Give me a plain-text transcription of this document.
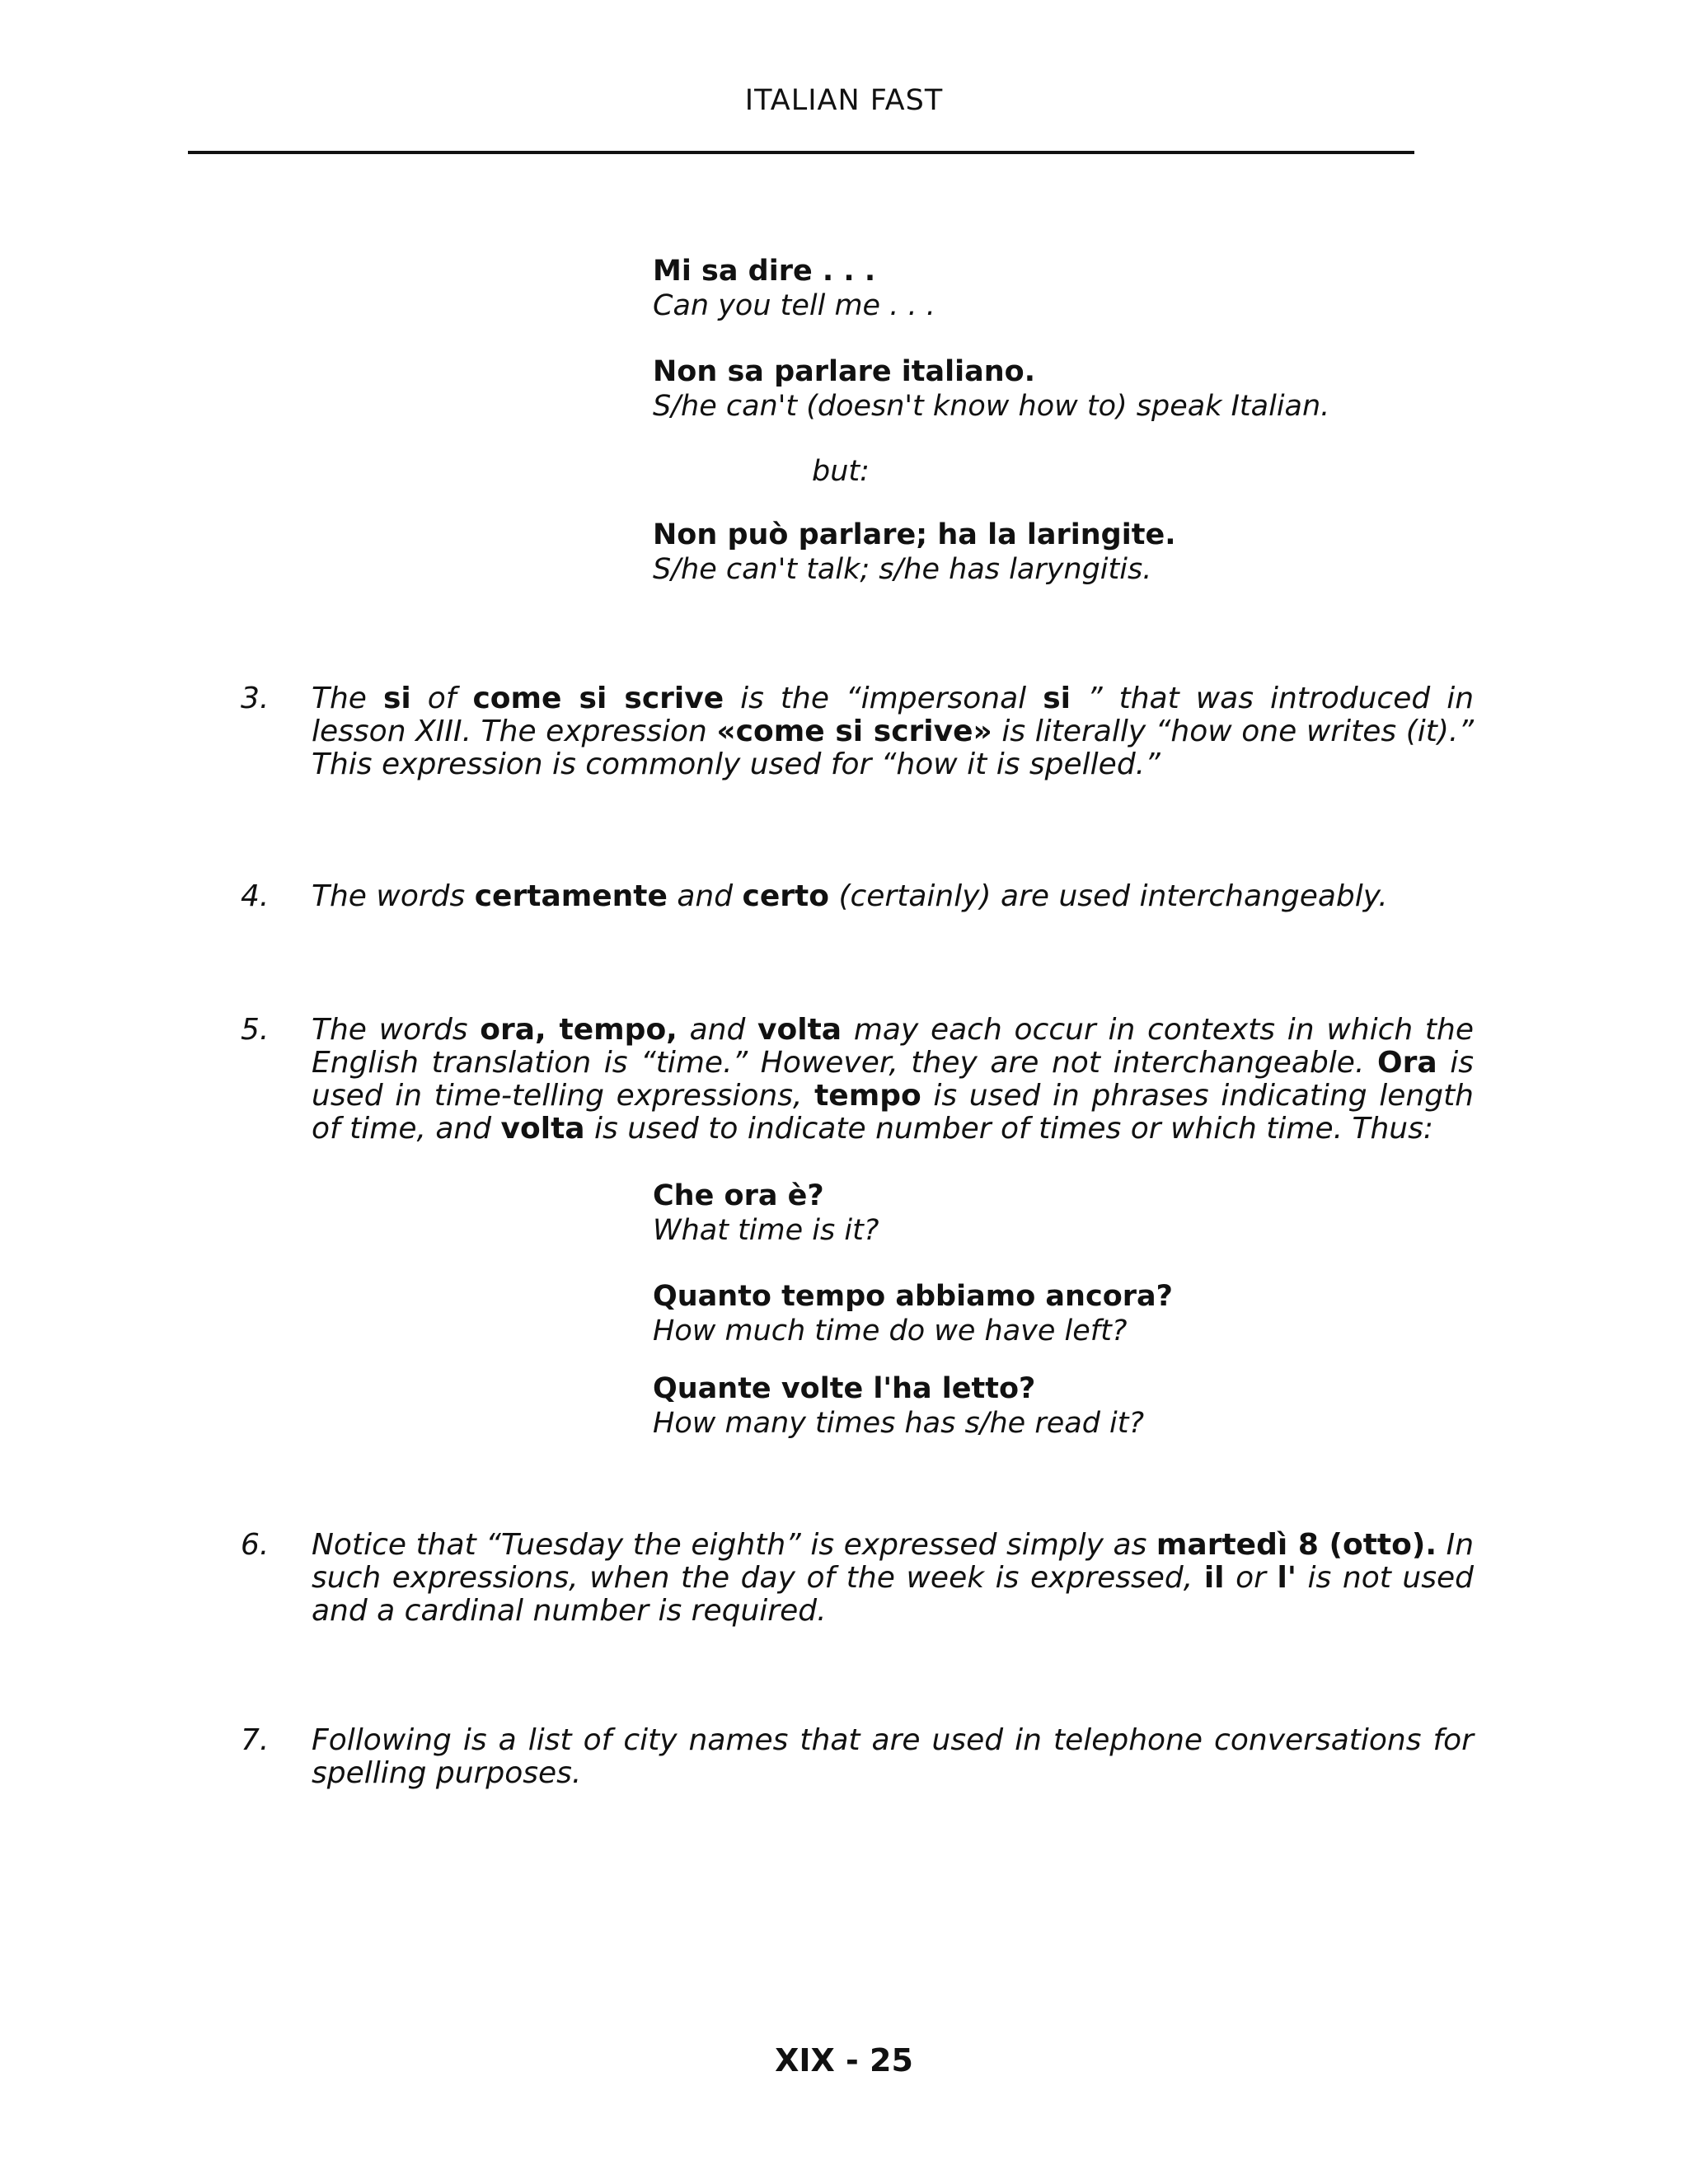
ITALIAN FAST
Mi sa dire . . .
Can you tell me . . .
Non sa parlare italiano.
S/he can't (doesn't know how to) speak Italian.
but:
Non può parlare; ha la laringite.
S/he can't talk; s/he has laryngitis.
3. The si of come si scrive is the “impersonal si ” that was introduced in lesson XIII. The expression «come si scrive» is literally “how one writes (it).” This expression is commonly used for “how it is spelled.”
4. The words certamente and certo (certainly) are used interchangeably.
5. The words ora, tempo, and volta may each occur in contexts in which the English translation is “time.” However, they are not interchangeable. Ora is used in time-telling expressions, tempo is used in phrases indicating length of time, and volta is used to indicate number of times or which time. Thus:
Che ora è?
What time is it?
Quanto tempo abbiamo ancora?
How much time do we have left?
Quante volte l'ha letto?
How many times has s/he read it?
6. Notice that “Tuesday the eighth” is expressed simply as martedì 8 (otto). In such expressions, when the day of the week is expressed, il or l' is not used and a cardinal number is required.
7. Following is a list of city names that are used in telephone conversations for spelling purposes.
XIX - 25
